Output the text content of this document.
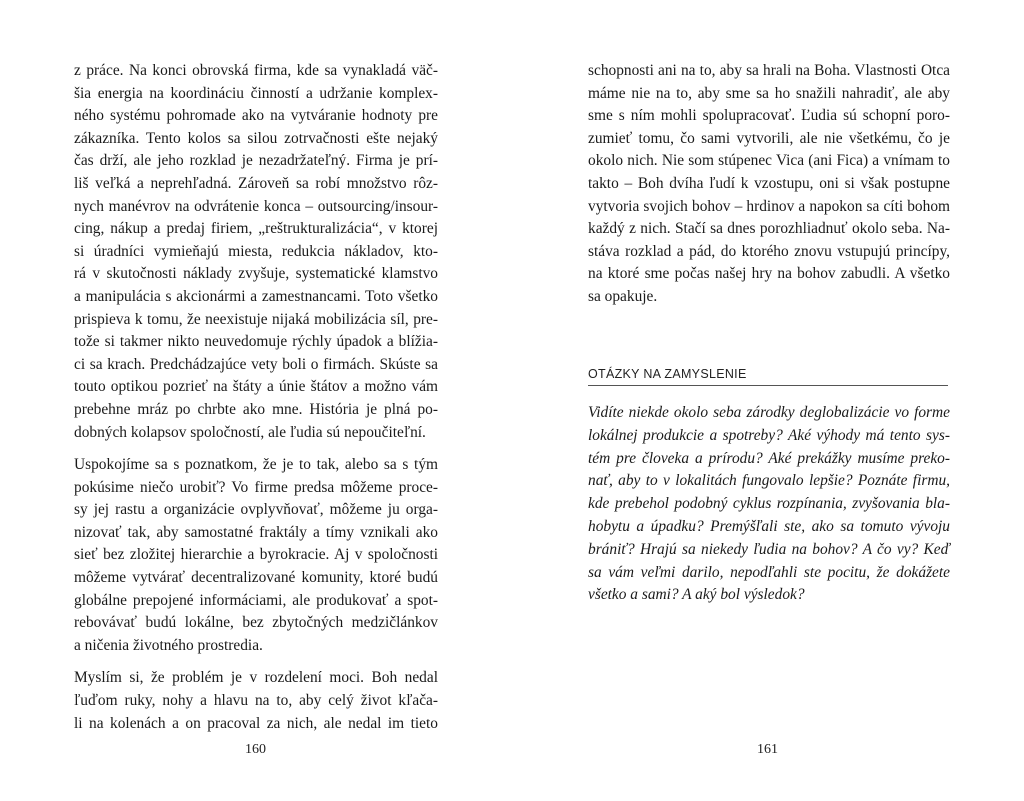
z práce. Na konci obrovská firma, kde sa vynakladá väč-
šia energia na koordináciu činností a udržanie komplex-
ného systému pohromade ako na vytváranie hodnoty pre
zákazníka. Tento kolos sa silou zotrvačnosti ešte nejaký
čas drží, ale jeho rozklad je nezadržateľný. Firma je prí-
liš veľká a neprehľadná. Zároveň sa robí množstvo rôz-
nych manévrov na odvrátenie konca – outsourcing/insour-
cing, nákup a predaj firiem, „reštrukturalizácia“, v ktorej
si úradníci vymieňajú miesta, redukcia nákladov, kto-
rá v skutočnosti náklady zvyšuje, systematické klamstvo
a manipulácia s akcionármi a zamestnancami. Toto všetko
prispieva k tomu, že neexistuje nijaká mobilizácia síl, pre-
tože si takmer nikto neuvedomuje rýchly úpadok a blížia-
ci sa krach. Predchádzajúce vety boli o firmách. Skúste sa
touto optikou pozrieť na štáty a únie štátov a možno vám
prebehne mráz po chrbte ako mne. História je plná po-
dobných kolapsov spoločností, ale ľudia sú nepoučiteľní.

Uspokojíme sa s poznatkom, že je to tak, alebo sa s tým
pokúsime niečo urobiť? Vo firme predsa môžeme proce-
sy jej rastu a organizácie ovplyvňovať, môžeme ju orga-
nizovať tak, aby samostatné fraktály a tímy vznikali ako
sieť bez zložitej hierarchie a byrokracie. Aj v spoločnosti
môžeme vytvárať decentralizované komunity, ktoré budú
globálne prepojené informáciami, ale produkovať a spot-
rebovávať budú lokálne, bez zbytočných medzičlánkov
a ničenia životného prostredia.

Myslím si, že problém je v rozdelení moci. Boh nedal
ľuďom ruky, nohy a hlavu na to, aby celý život kľača-
li na kolenách a on pracoval za nich, ale nedal im tieto

160

schopnosti ani na to, aby sa hrali na Boha. Vlastnosti Otca
máme nie na to, aby sme sa ho snažili nahradiť, ale aby
sme s ním mohli spolupracovať. Ľudia sú schopní poro-
zumieť tomu, čo sami vytvorili, ale nie všetkému, čo je
okolo nich. Nie som stúpenec Vica (ani Fica) a vnímam to
takto – Boh dvíha ľudí k vzostupu, oni si však postupne
vytvoria svojich bohov – hrdinov a napokon sa cíti bohom
každý z nich. Stačí sa dnes porozhliadnuť okolo seba. Na-
stáva rozklad a pád, do ktorého znovu vstupujú princípy,
na ktoré sme počas našej hry na bohov zabudli. A všetko
sa opakuje.

OTÁZKY NA ZAMYSLENIE
Vidíte niekde okolo seba zárodky deglobalizácie vo forme
lokálnej produkcie a spotreby? Aké výhody má tento sys-
tém pre človeka a prírodu? Aké prekážky musíme preko-
nať, aby to v lokalitách fungovalo lepšie? Poznáte firmu,
kde prebehol podobný cyklus rozpínania, zvyšovania bla-
hobytu a úpadku? Premýšľali ste, ako sa tomuto vývoju
brániť? Hrajú sa niekedy ľudia na bohov? A čo vy? Keď
sa vám veľmi darilo, nepodľahli ste pocitu, že dokážete
všetko a sami? A aký bol výsledok?
161
